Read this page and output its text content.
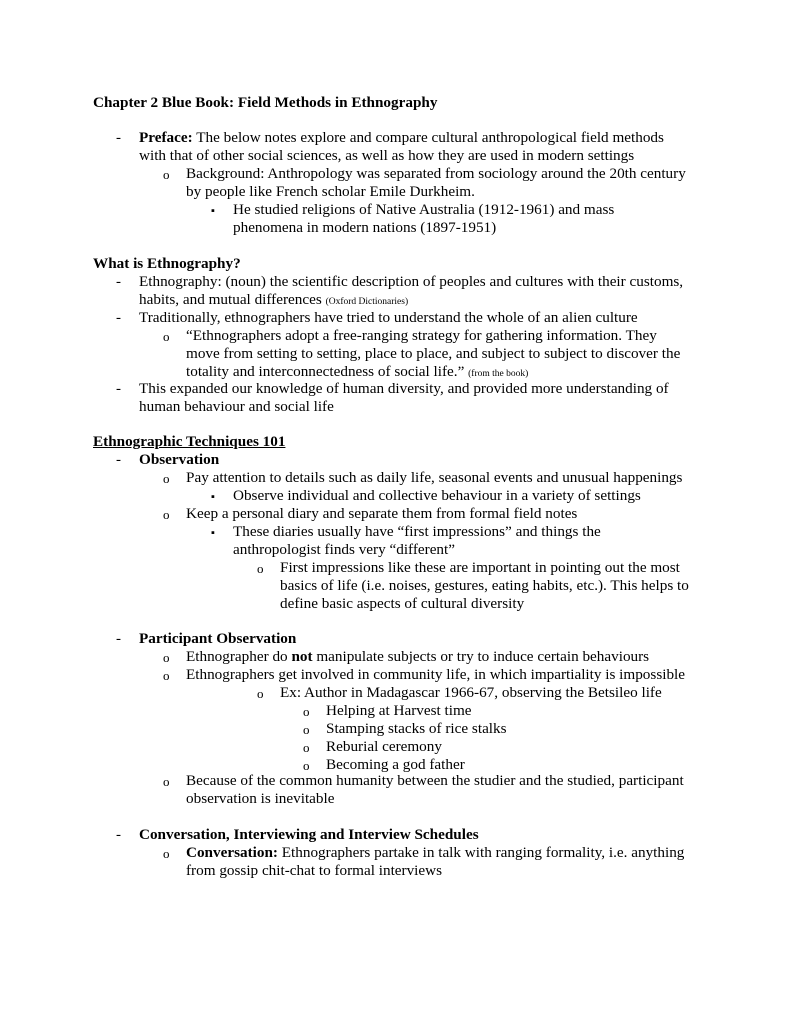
Chapter 2 Blue Book: Field Methods in Ethnography
- Preface: The below notes explore and compare cultural anthropological field methods
with that of other social sciences, as well as how they are used in modern settings
o Background: Anthropology was separated from sociology around the 20th century
by people like French scholar Emile Durkheim.
▪ He studied religions of Native Australia (1912-1961) and mass
phenomena in modern nations (1897-1951)
What is Ethnography?
- Ethnography: (noun) the scientific description of peoples and cultures with their customs,
habits, and mutual differences (Oxford Dictionaries)
- Traditionally, ethnographers have tried to understand the whole of an alien culture
o “Ethnographers adopt a free-ranging strategy for gathering information. They
move from setting to setting, place to place, and subject to subject to discover the
totality and interconnectedness of social life.” (from the book)
- This expanded our knowledge of human diversity, and provided more understanding of
human behaviour and social life
Ethnographic Techniques 101
- Observation
o Pay attention to details such as daily life, seasonal events and unusual happenings
▪ Observe individual and collective behaviour in a variety of settings
o Keep a personal diary and separate them from formal field notes
▪ These diaries usually have “first impressions” and things the
anthropologist finds very “different”
o First impressions like these are important in pointing out the most
basics of life (i.e. noises, gestures, eating habits, etc.). This helps to
define basic aspects of cultural diversity
- Participant Observation
o Ethnographer do not manipulate subjects or try to induce certain behaviours
o Ethnographers get involved in community life, in which impartiality is impossible
o Ex: Author in Madagascar 1966-67, observing the Betsileo life
o Helping at Harvest time
o Stamping stacks of rice stalks
o Reburial ceremony
o Becoming a god father
o Because of the common humanity between the studier and the studied, participant
observation is inevitable
- Conversation, Interviewing and Interview Schedules
o Conversation: Ethnographers partake in talk with ranging formality, i.e. anything
from gossip chit-chat to formal interviews
